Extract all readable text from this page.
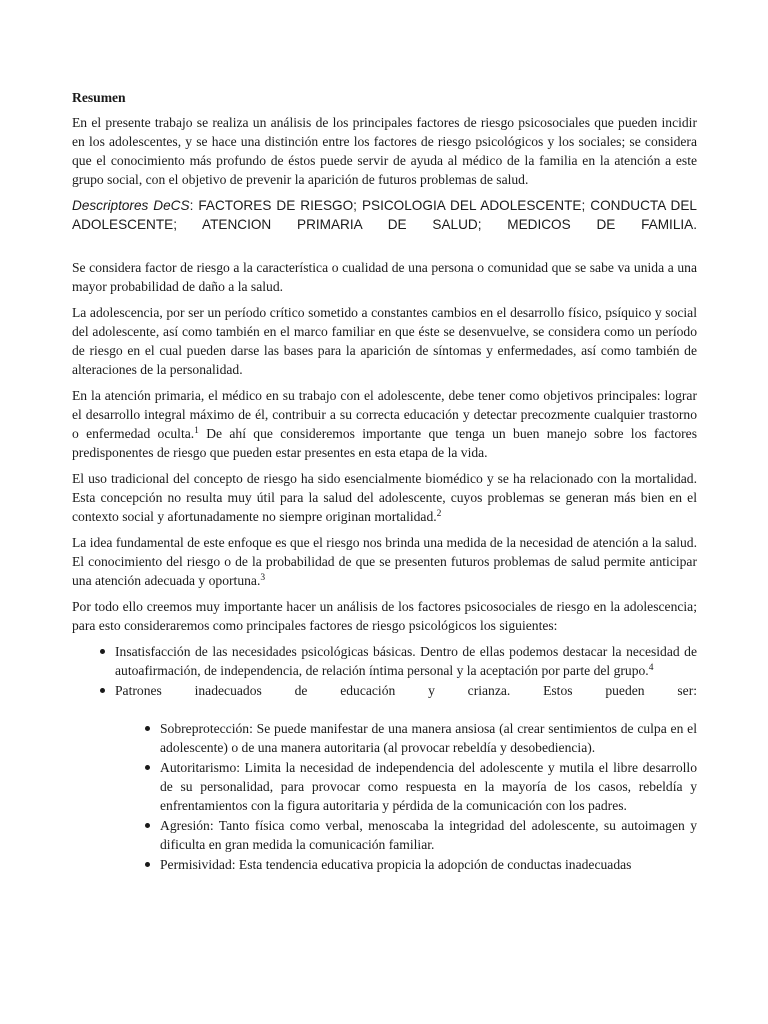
Resumen

En el presente trabajo se realiza un análisis de los principales factores de riesgo psicosociales que pueden incidir en los adolescentes, y se hace una distinción entre los factores de riesgo psicológicos y los sociales; se considera que el conocimiento más profundo de éstos puede servir de ayuda al médico de la familia en la atención a este grupo social, con el objetivo de prevenir la aparición de futuros problemas de salud.

Descriptores DeCS: FACTORES DE RIESGO; PSICOLOGIA DEL ADOLESCENTE; CONDUCTA DEL ADOLESCENTE; ATENCION PRIMARIA DE SALUD; MEDICOS DE FAMILIA.

Se considera factor de riesgo a la característica o cualidad de una persona o comunidad que se sabe va unida a una mayor probabilidad de daño a la salud.

La adolescencia, por ser un período crítico sometido a constantes cambios en el desarrollo físico, psíquico y social del adolescente, así como también en el marco familiar en que éste se desenvuelve, se considera como un período de riesgo en el cual pueden darse las bases para la aparición de síntomas y enfermedades, así como también de alteraciones de la personalidad.

En la atención primaria, el médico en su trabajo con el adolescente, debe tener como objetivos principales: lograr el desarrollo integral máximo de él, contribuir a su correcta educación y detectar precozmente cualquier trastorno o enfermedad oculta.$^1$ De ahí que consideremos importante que tenga un buen manejo sobre los factores predisponentes de riesgo que pueden estar presentes en esta etapa de la vida.

El uso tradicional del concepto de riesgo ha sido esencialmente biomédico y se ha relacionado con la mortalidad. Esta concepción no resulta muy útil para la salud del adolescente, cuyos problemas se generan más bien en el contexto social y afortunadamente no siempre originan mortalidad.$^2$

La idea fundamental de este enfoque es que el riesgo nos brinda una medida de la necesidad de atención a la salud. El conocimiento del riesgo o de la probabilidad de que se presenten futuros problemas de salud permite anticipar una atención adecuada y oportuna.$^3$

Por todo ello creemos muy importante hacer un análisis de los factores psicosociales de riesgo en la adolescencia; para esto consideraremos como principales factores de riesgo psicológicos los siguientes:

Insatisfacción de las necesidades psicológicas básicas. Dentro de ellas podemos destacar la necesidad de autoafirmación, de independencia, de relación íntima personal y la aceptación por parte del grupo.$^4$
Patrones inadecuados de educación y crianza. Estos pueden ser:
Sobreprotección: Se puede manifestar de una manera ansiosa (al crear sentimientos de culpa en el adolescente) o de una manera autoritaria (al provocar rebeldía y desobediencia).
Autoritarismo: Limita la necesidad de independencia del adolescente y mutila el libre desarrollo de su personalidad, para provocar como respuesta en la mayoría de los casos, rebeldía y enfrentamientos con la figura autoritaria y pérdida de la comunicación con los padres.
Agresión: Tanto física como verbal, menoscaba la integridad del adolescente, su autoimagen y dificulta en gran medida la comunicación familiar.
Permisividad: Esta tendencia educativa propicia la adopción de conductas inadecuadas
